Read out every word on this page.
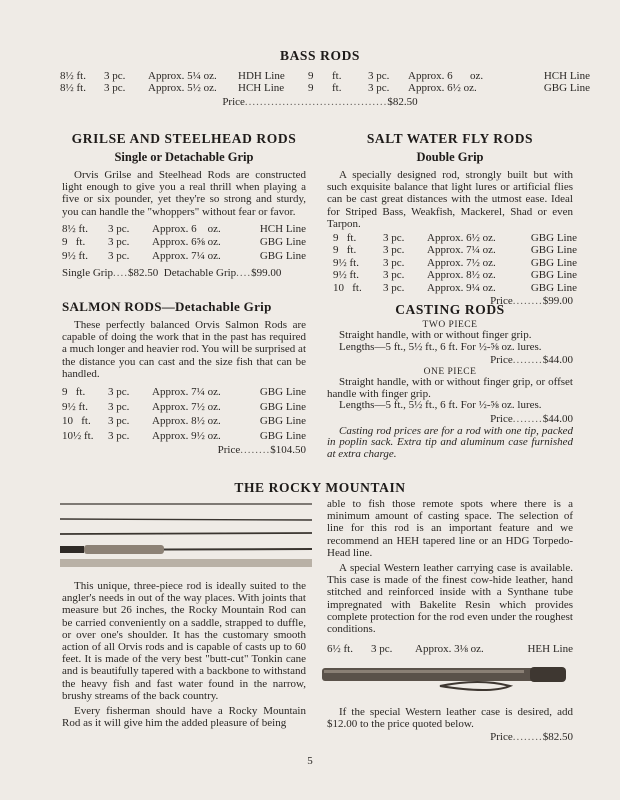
BASS RODS
8½ ft.	3 pc.	Approx. 5¼ oz.	HDH Line	9	ft.	3 pc.	Approx. 6	oz.	HCH Line
8½ ft.	3 pc.	Approx. 5½ oz.	HCH Line	9	ft.	3 pc.	Approx. 6½ oz.	GBG Line
Price......................................$82.50
GRILSE AND STEELHEAD RODS
Single or Detachable Grip

Orvis Grilse and Steelhead Rods are constructed light enough to give you a real thrill when playing a five or six pounder, yet they're so strong and sturdy, you can handle the "whoppers" without fear or favor.

8½ ft.	3 pc.	Approx. 6    oz.	HCH Line
9   ft.	3 pc.	Approx. 6⅝ oz.	GBG Line
9½ ft.	3 pc.	Approx. 7¼ oz.	GBG Line
Single Grip....$82.50 Detachable Grip....$99.00
SALMON RODS—Detachable Grip

These perfectly balanced Orvis Salmon Rods are capable of doing the work that in the past has required a much longer and heavier rod. You will be surprised at the distance you can cast and the size fish that can be handled.

9   ft.	3 pc.	Approx. 7¼ oz.	GBG Line
9½ ft.	3 pc.	Approx. 7½ oz.	GBG Line
10   ft.	3 pc.	Approx. 8½ oz.	GBG Line
10½ ft.	3 pc.	Approx. 9½ oz.	GBG Line
Price........$104.50
SALT WATER FLY RODS
Double Grip

A specially designed rod, strongly built but with such exquisite balance that light lures or artificial flies can be cast great distances with the utmost ease. Ideal for Striped Bass, Weakfish, Mackerel, Shad or even Tarpon.

9   ft.	3 pc.	Approx. 6½ oz.	GBG Line
9   ft.	3 pc.	Approx. 7¼ oz.	GBG Line
9½ ft.	3 pc.	Approx. 7½ oz.	GBG Line
9½ ft.	3 pc.	Approx. 8½ oz.	GBG Line
10   ft.	3 pc.	Approx. 9¼ oz.	GBG Line
Price........$99.00
CASTING RODS
TWO PIECE

Straight handle, with or without finger grip.

Lengths—5 ft., 5½ ft., 6 ft. For ½-⅝ oz. lures.

Price........$44.00
ONE PIECE

Straight handle, with or without finger grip, or offset handle with finger grip.

Lengths—5 ft., 5½ ft., 6 ft. For ½-⅝ oz. lures.

Price........$44.00

Casting rod prices are for a rod with one tip, packed in poplin sack. Extra tip and aluminum case furnished at extra charge.

THE ROCKY MOUNTAIN

This unique, three-piece rod is ideally suited to the angler's needs in out of the way places. With joints that measure but 26 inches, the Rocky Mountain Rod can be carried conveniently on a saddle, strapped to duffle, or over one's shoulder. It has the customary smooth action of all Orvis rods and is capable of casts up to 60 feet. It is made of the very best "butt-cut" Tonkin cane and is beautifully tapered with a backbone to withstand the heavy fish and fast water found in the narrow, brushy streams of the back country.

Every fisherman should have a Rocky Mountain Rod as it will give him the added pleasure of being

able to fish those remote spots where there is a minimum amount of casting space. The selection of line for this rod is an important feature and we recommend an HEH tapered line or an HDG Torpedo-Head line.

A special Western leather carrying case is available. This case is made of the finest cow-hide leather, hand stitched and reinforced inside with a Synthane tube impregnated with Bakelite Resin which provides complete protection for the rod even under the roughest conditions.

6½ ft.	3 pc.	Approx. 3⅛ oz.	HEH Line

If the special Western leather case is desired, add $12.00 to the price quoted below.

Price........$82.50
5
